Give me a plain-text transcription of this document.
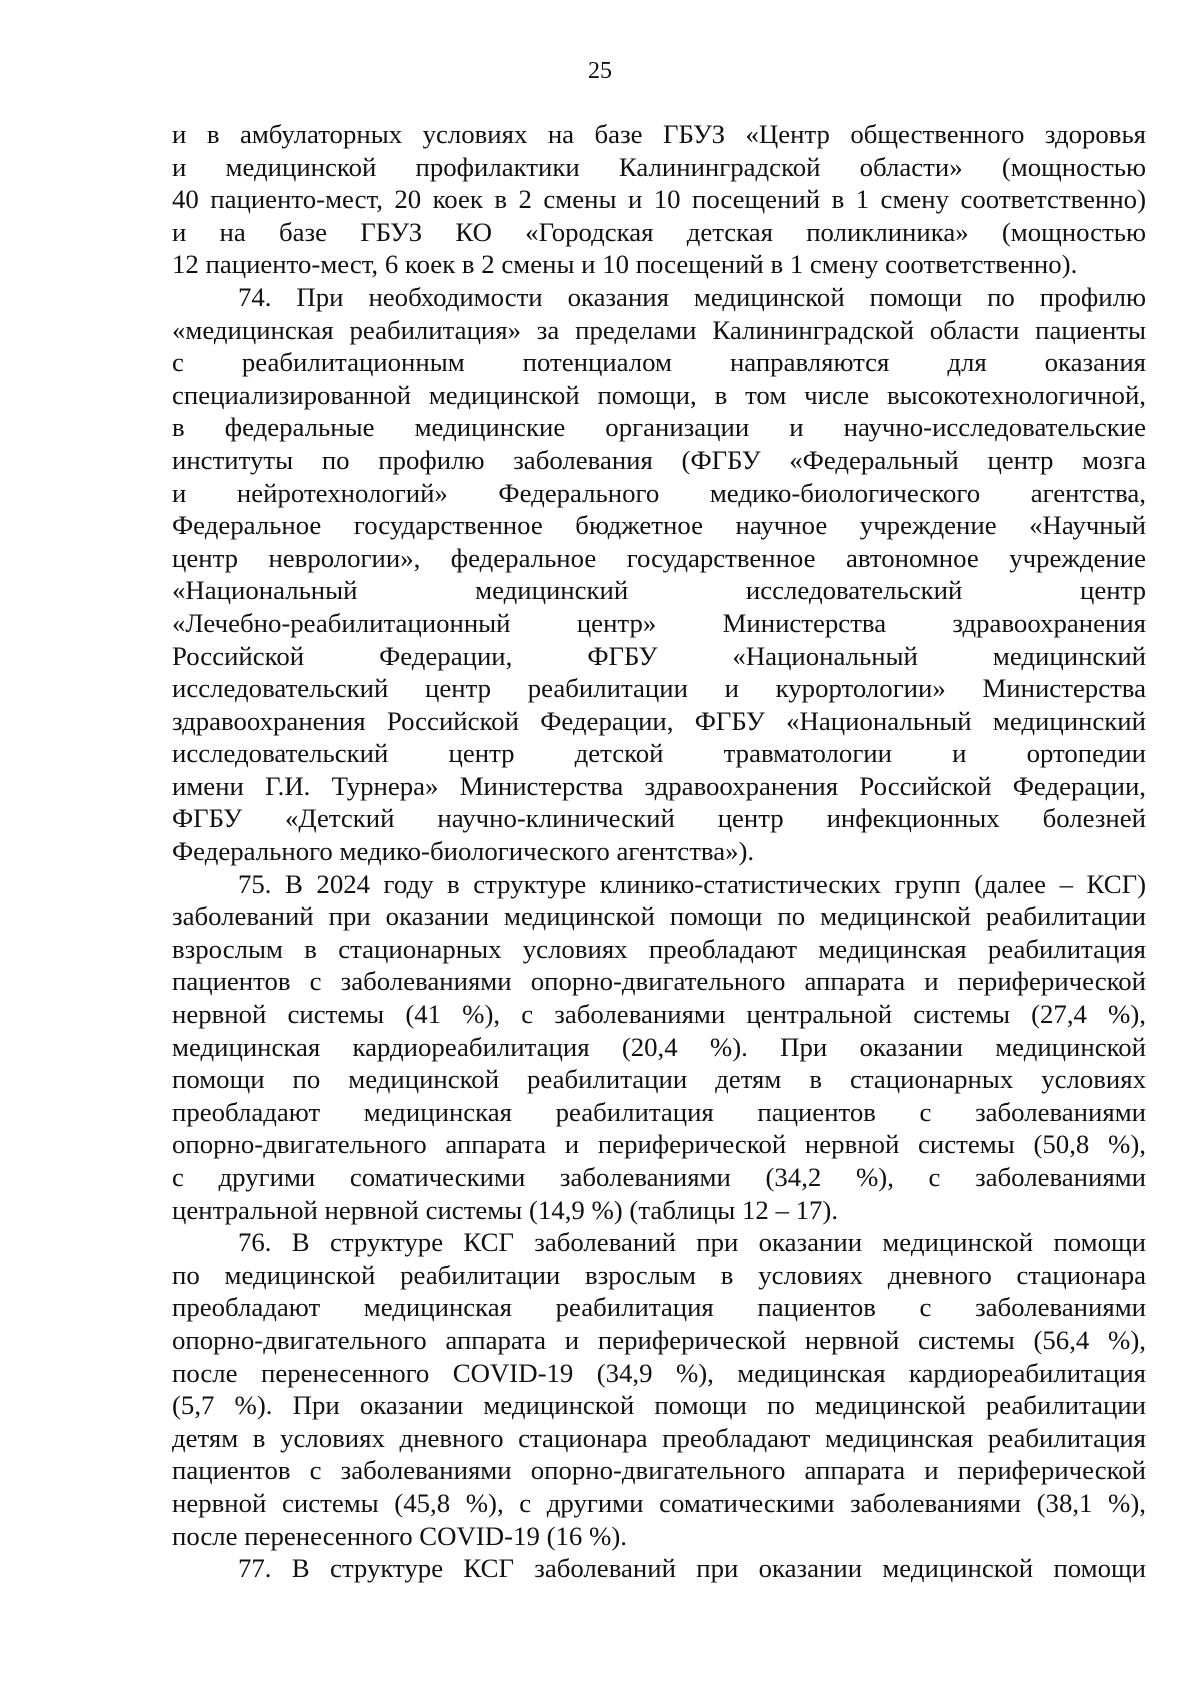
25
и в амбулаторных условиях на базе ГБУЗ «Центр общественного здоровья
и медицинской профилактики Калининградской области» (мощностью
40 пациенто-мест, 20 коек в 2 смены и 10 посещений в 1 смену соответственно)
и на базе ГБУЗ КО «Городская детская поликлиника» (мощностью
12 пациенто-мест, 6 коек в 2 смены и 10 посещений в 1 смену соответственно).
74. При необходимости оказания медицинской помощи по профилю
«медицинская реабилитация» за пределами Калининградской области пациенты
с реабилитационным потенциалом направляются для оказания
специализированной медицинской помощи, в том числе высокотехнологичной,
в федеральные медицинские организации и научно-исследовательские
институты по профилю заболевания (ФГБУ «Федеральный центр мозга
и нейротехнологий» Федерального медико-биологического агентства,
Федеральное государственное бюджетное научное учреждение «Научный
центр неврологии», федеральное государственное автономное учреждение
«Национальный медицинский исследовательский центр
«Лечебно-реабилитационный центр» Министерства здравоохранения
Российской Федерации, ФГБУ «Национальный медицинский
исследовательский центр реабилитации и курортологии» Министерства
здравоохранения Российской Федерации, ФГБУ «Национальный медицинский
исследовательский центр детской травматологии и ортопедии
имени Г.И. Турнера» Министерства здравоохранения Российской Федерации,
ФГБУ «Детский научно-клинический центр инфекционных болезней
Федерального медико-биологического агентства»).
75. В 2024 году в структуре клинико-статистических групп (далее – КСГ)
заболеваний при оказании медицинской помощи по медицинской реабилитации
взрослым в стационарных условиях преобладают медицинская реабилитация
пациентов с заболеваниями опорно-двигательного аппарата и периферической
нервной системы (41 %), с заболеваниями центральной системы (27,4 %),
медицинская кардиореабилитация (20,4 %). При оказании медицинской
помощи по медицинской реабилитации детям в стационарных условиях
преобладают медицинская реабилитация пациентов с заболеваниями
опорно-двигательного аппарата и периферической нервной системы (50,8 %),
с другими соматическими заболеваниями (34,2 %), с заболеваниями
центральной нервной системы (14,9 %) (таблицы 12 – 17).
76. В структуре КСГ заболеваний при оказании медицинской помощи
по медицинской реабилитации взрослым в условиях дневного стационара
преобладают медицинская реабилитация пациентов с заболеваниями
опорно-двигательного аппарата и периферической нервной системы (56,4 %),
после перенесенного COVID-19 (34,9 %), медицинская кардиореабилитация
(5,7 %). При оказании медицинской помощи по медицинской реабилитации
детям в условиях дневного стационара преобладают медицинская реабилитация
пациентов с заболеваниями опорно-двигательного аппарата и периферической
нервной системы (45,8 %), с другими соматическими заболеваниями (38,1 %),
после перенесенного COVID-19 (16 %).
77. В структуре КСГ заболеваний при оказании медицинской помощи
